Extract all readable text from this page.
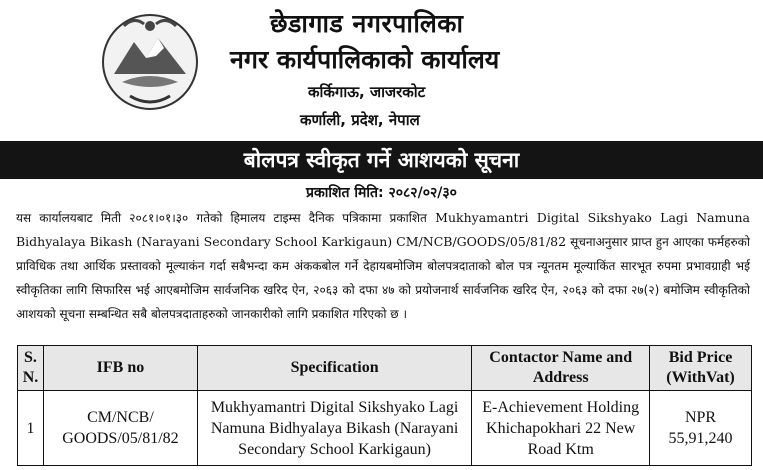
छेडागाड नगरपालिका
नगर कार्यपालिकाको कार्यालय
कर्किगाऊ, जाजरकोट
कर्णाली, प्रदेश, नेपाल
बोलपत्र स्वीकृत गर्ने आशयको सूचना
प्रकाशित मिति: २०८२/०२/३०
यस कार्यालयबाट मिती २०८१।०१।३० गतेको हिमालय टाइम्स दैनिक पत्रिकामा प्रकाशित Mukhyamantri Digital Sikshyako Lagi Namuna Bidhyalaya Bikash (Narayani Secondary School Karkigaun) CM/NCB/GOODS/05/81/82 सूचनाअनुसार प्राप्त हुन आएका फर्महरुको प्राविधिक तथा आर्थिक प्रस्तावको मूल्याकंन गर्दा सबैभन्दा कम अंककबोल गर्ने देहायबमोजिम बोलपत्रदाताको बोल पत्र न्यूनतम मूल्याकिंत सारभूत रुपमा प्रभावग्राही भई स्वीकृतिका लागि सिफारिस भई आएबमोजिम सार्वजनिक खरिद ऐन, २०६३ को दफा ४७ को प्रयोजनार्थ सार्वजनिक खरिद ऐन, २०६३ को दफा २७(२) बमोजिम स्वीकृतिको आशयको सूचना सम्बन्धित सबै बोलपत्रदाताहरुको जानकारीको लागि प्रकाशित गरिएको छ ।
S. N.	IFB no	Specification	Contactor Name and Address	Bid Price (WithVat)
1	CM/NCB/ GOODS/05/81/82	Mukhyamantri Digital Sikshyako Lagi Namuna Bidhyalaya Bikash (Narayani Secondary School Karkigaun)	E-Achievement Holding Khichapokhari 22 New Road Ktm	NPR 55,91,240
